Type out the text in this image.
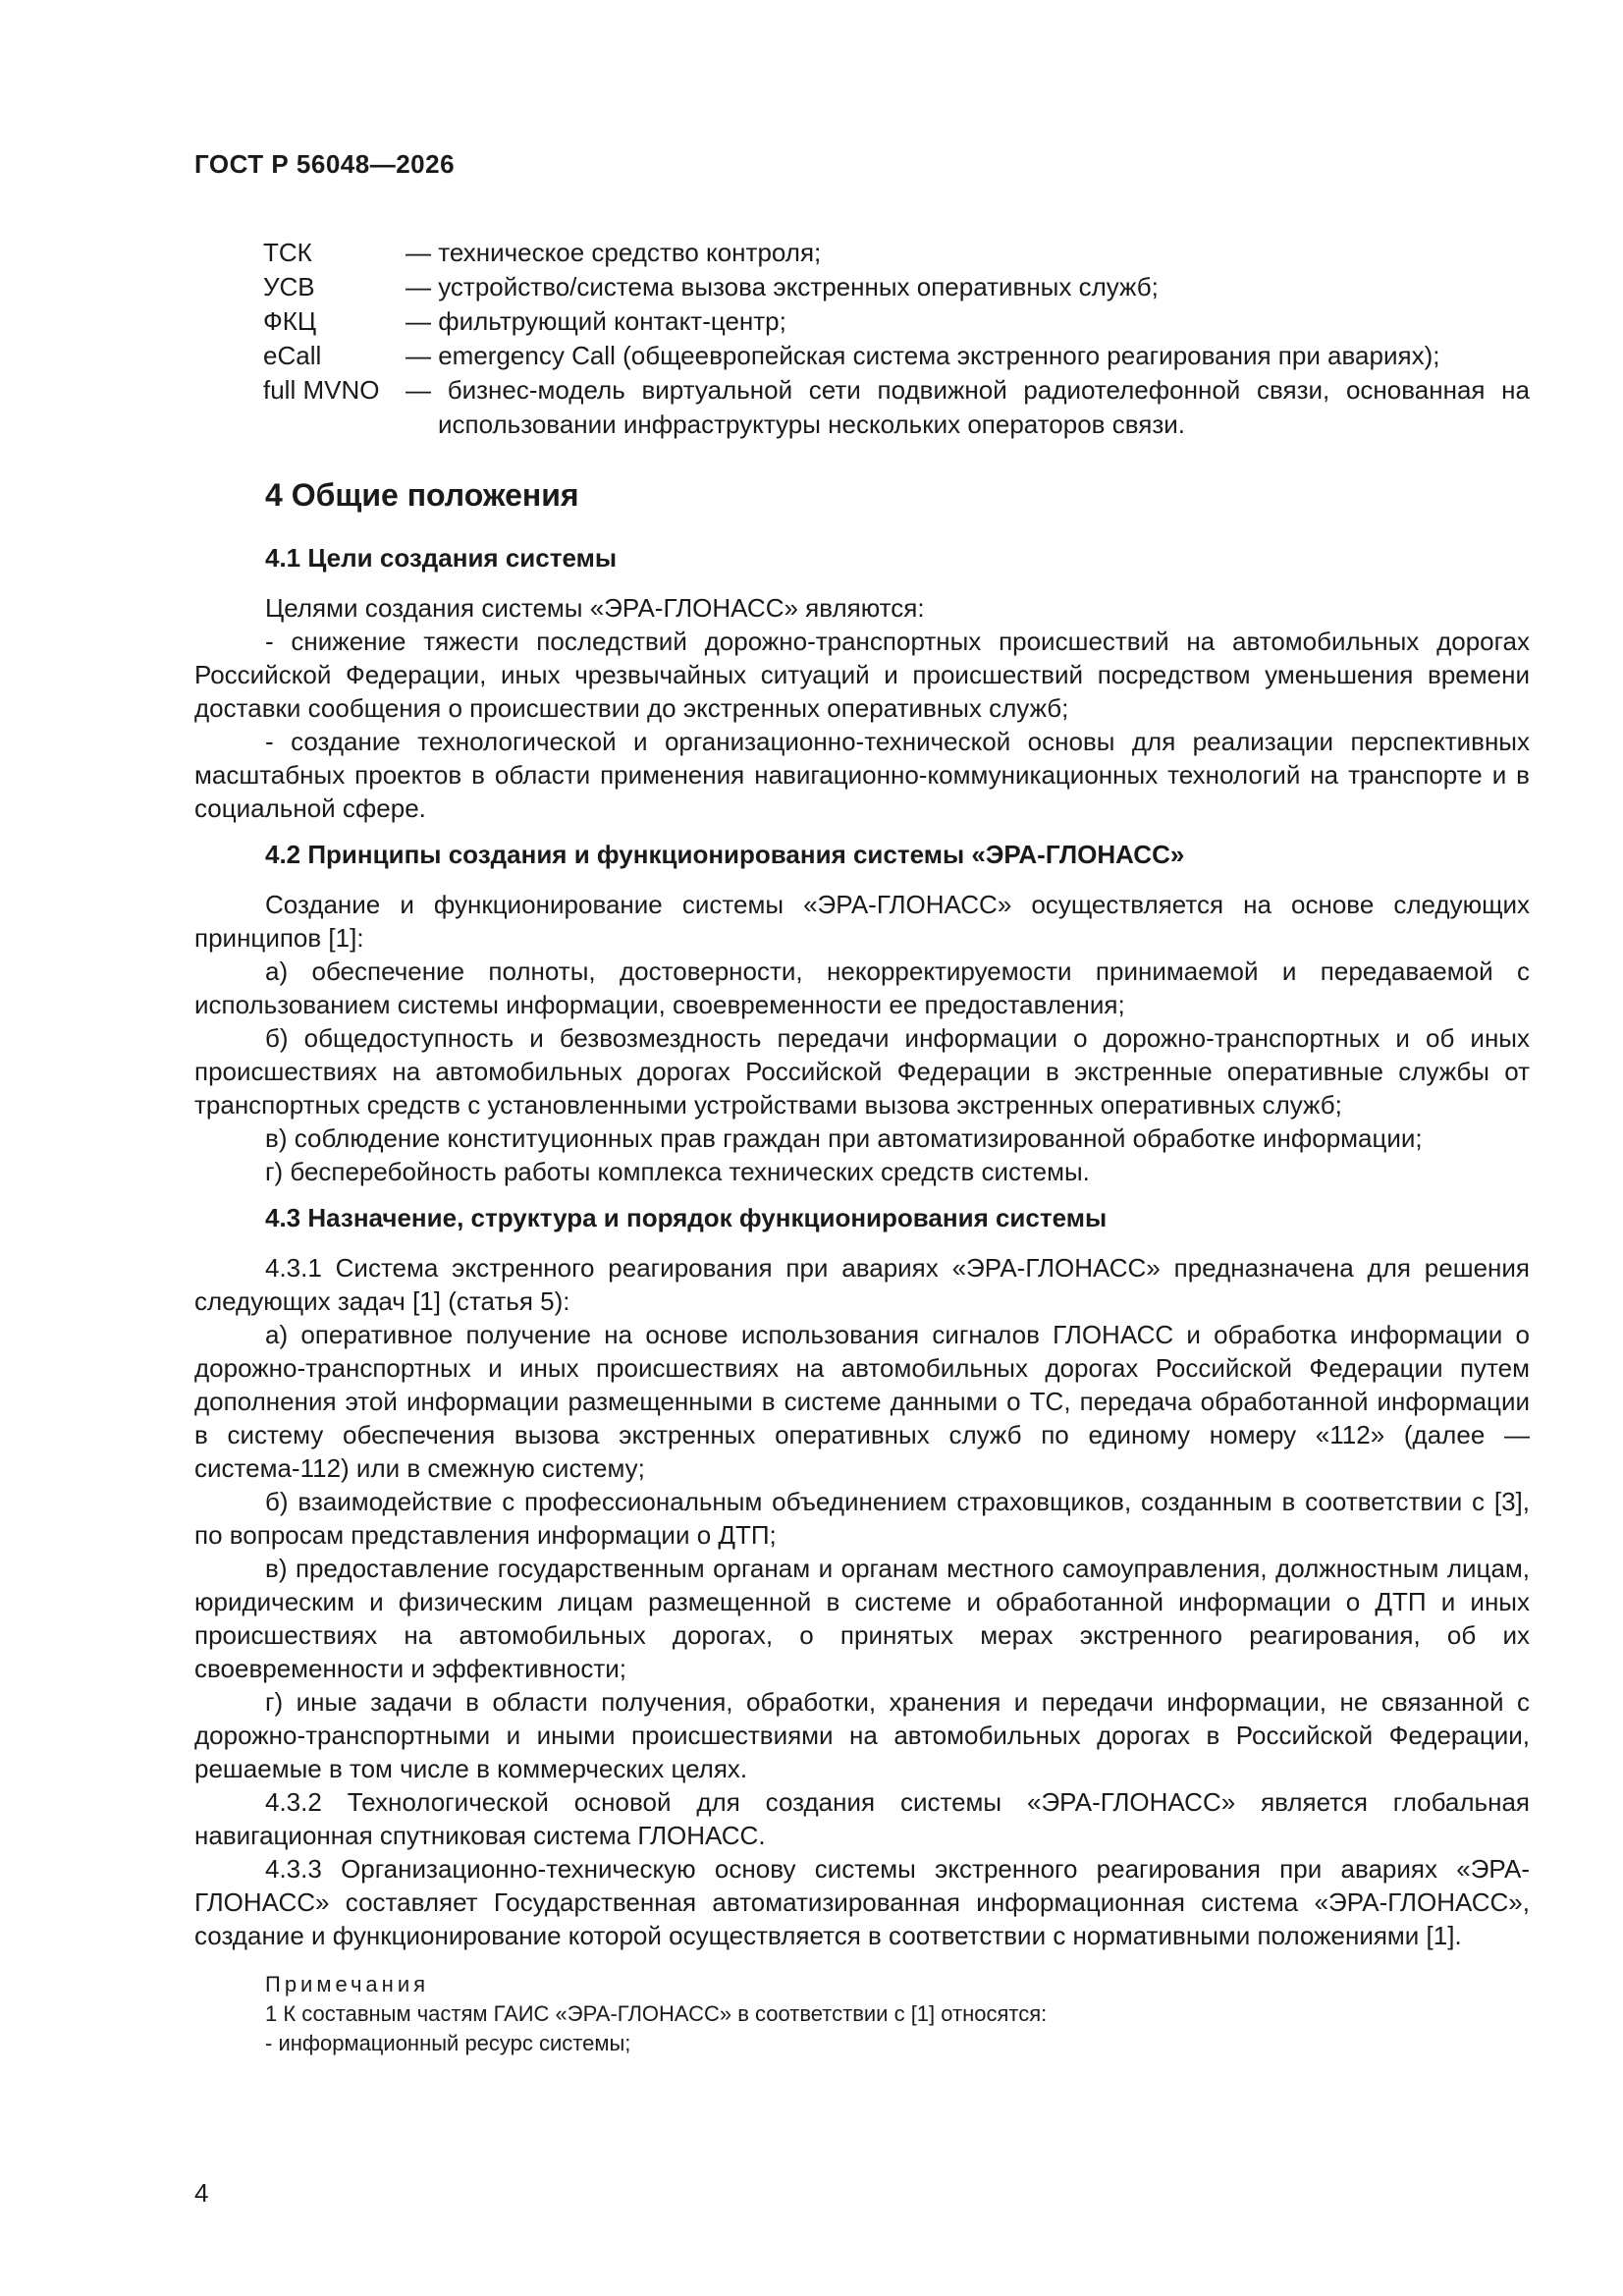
ГОСТ Р 56048—2026
ТСК	— техническое средство контроля;
УСВ	— устройство/система вызова экстренных оперативных служб;
ФКЦ	— фильтрующий контакт-центр;
eCall	— emergency Call (общеевропейская система экстренного реагирования при авариях);
full MVNO	— бизнес-модель виртуальной сети подвижной радиотелефонной связи, основанная на использовании инфраструктуры нескольких операторов связи.
4 Общие положения
4.1 Цели создания системы

Целями создания системы «ЭРА-ГЛОНАСС» являются:

- снижение тяжести последствий дорожно-транспортных происшествий на автомобильных дорогах Российской Федерации, иных чрезвычайных ситуаций и происшествий посредством уменьшения времени доставки сообщения о происшествии до экстренных оперативных служб;

- создание технологической и организационно-технической основы для реализации перспективных масштабных проектов в области применения навигационно-коммуникационных технологий на транспорте и в социальной сфере.

4.2 Принципы создания и функционирования системы «ЭРА-ГЛОНАСС»

Создание и функционирование системы «ЭРА-ГЛОНАСС» осуществляется на основе следующих принципов [1]:

а) обеспечение полноты, достоверности, некорректируемости принимаемой и передаваемой с использованием системы информации, своевременности ее предоставления;

б) общедоступность и безвозмездность передачи информации о дорожно-транспортных и об иных происшествиях на автомобильных дорогах Российской Федерации в экстренные оперативные службы от транспортных средств с установленными устройствами вызова экстренных оперативных служб;

в) соблюдение конституционных прав граждан при автоматизированной обработке информации;

г) бесперебойность работы комплекса технических средств системы.

4.3 Назначение, структура и порядок функционирования системы

4.3.1 Система экстренного реагирования при авариях «ЭРА-ГЛОНАСС» предназначена для решения следующих задач [1] (статья 5):

а) оперативное получение на основе использования сигналов ГЛОНАСС и обработка информации о дорожно-транспортных и иных происшествиях на автомобильных дорогах Российской Федерации путем дополнения этой информации размещенными в системе данными о ТС, передача обработанной информации в систему обеспечения вызова экстренных оперативных служб по единому номеру «112» (далее — система-112) или в смежную систему;

б) взаимодействие с профессиональным объединением страховщиков, созданным в соответствии с [3], по вопросам представления информации о ДТП;

в) предоставление государственным органам и органам местного самоуправления, должностным лицам, юридическим и физическим лицам размещенной в системе и обработанной информации о ДТП и иных происшествиях на автомобильных дорогах, о принятых мерах экстренного реагирования, об их своевременности и эффективности;

г) иные задачи в области получения, обработки, хранения и передачи информации, не связанной с дорожно-транспортными и иными происшествиями на автомобильных дорогах в Российской Федерации, решаемые в том числе в коммерческих целях.

4.3.2 Технологической основой для создания системы «ЭРА-ГЛОНАСС» является глобальная навигационная спутниковая система ГЛОНАСС.

4.3.3 Организационно-техническую основу системы экстренного реагирования при авариях «ЭРА-ГЛОНАСС» составляет Государственная автоматизированная информационная система «ЭРА-ГЛОНАСС», создание и функционирование которой осуществляется в соответствии с нормативными положениями [1].

Примечания

1 К составным частям ГАИС «ЭРА-ГЛОНАСС» в соответствии с [1] относятся:

- информационный ресурс системы;

4
